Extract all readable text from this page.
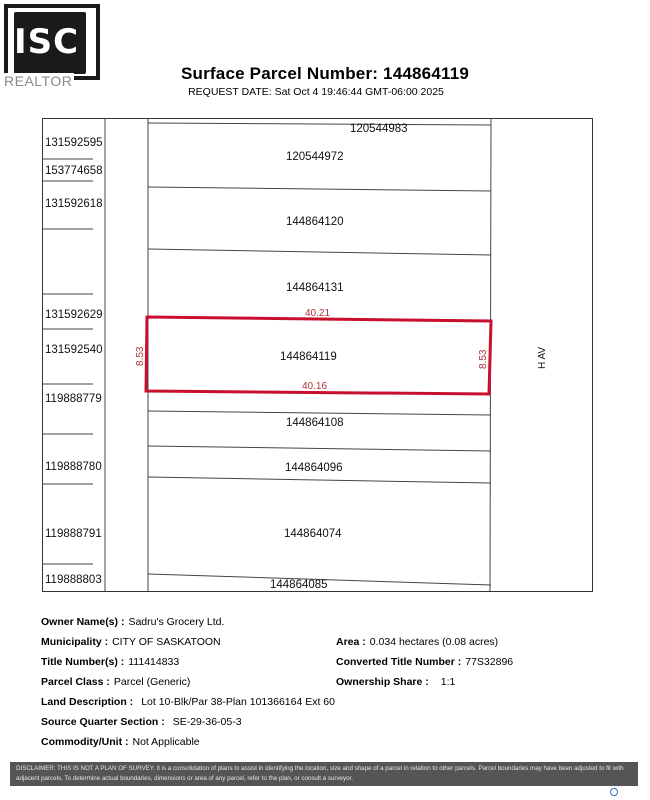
ISC
REALTOR	Surface Parcel Number: 144864119
REQUEST DATE: Sat Oct 4 19:46:44 GMT-06:00 2025
131592595
153774658
131592618
131592629
131592540
119888779
119888780
119888791
119888803
120544983
120544972
144864120
144864131
144864119
144864108
144864096
144864074
144864085
40.21
40.16
8.53	8.53	H AV
Owner Name(s) : Sadru's Grocery Ltd.
Municipality : CITY OF SASKATOON	Area : 0.034 hectares (0.08 acres)
Title Number(s) : 111414833	Converted Title Number : 77S32896
Parcel Class : Parcel (Generic)	Ownership Share : 1:1
Land Description : Lot 10-Blk/Par 38-Plan 101366164 Ext 60
Source Quarter Section : SE-29-36-05-3
Commodity/Unit : Not Applicable
DISCLAIMER: THIS IS NOT A PLAN OF SURVEY. It is a consolidation of plans to assist in identifying the location, size and shape of a parcel in relation to other parcels. Parcel boundaries may have been adjusted to fit with adjacent parcels. To determine actual boundaries, dimensions or area of any parcel, refer to the plan, or consult a surveyor.
